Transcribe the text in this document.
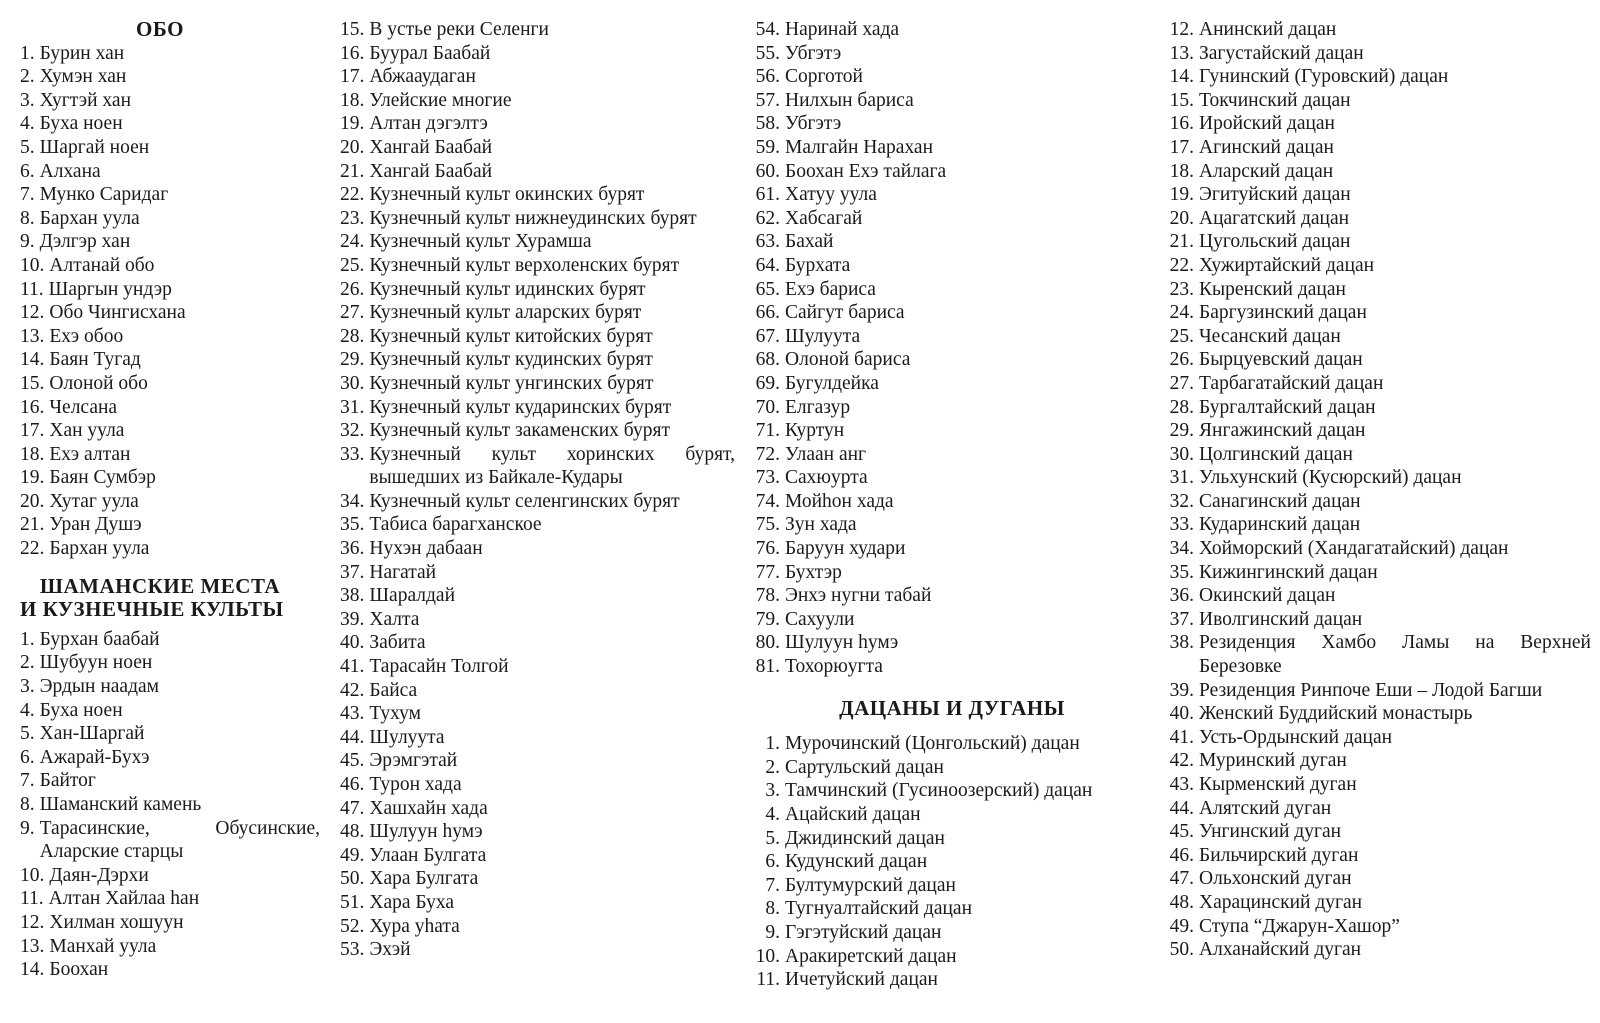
ОБО
1. Бурин хан
2. Хумэн хан
3. Хугтэй хан
4. Буха ноен
5. Шаргай ноен
6. Алхана
7. Мунко Саридаг
8. Бархан уула
9. Дэлгэр хан
10. Алтанай обо
11. Шаргын ундэр
12. Обо Чингисхана
13. Ехэ обоо
14. Баян Тугад
15. Олоной обо
16. Челсана
17. Хан уула
18. Ехэ алтан
19. Баян Сумбэр
20. Хутаг уула
21. Уран Душэ
22. Бархан уула
ШАМАНСКИЕ МЕСТА
И КУЗНЕЧНЫЕ КУЛЬТЫ
1. Бурхан баабай
2. Шубуун ноен
3. Эрдын наадам
4. Буха ноен
5. Хан-Шаргай
6. Ажарай-Бухэ
7. Байтог
8. Шаманский камень
9. Тарасинские, Обусинские, Аларские старцы
10. Даян-Дэрхи
11. Алтан Хайлаа hан
12. Хилман хошуун
13. Манхай уула
14. Боохан
15. В устье реки Селенги
16. Буурал Баабай
17. Абжааудаган
18. Улейские многие
19. Алтан дэгэлтэ
20. Хангай Баабай
21. Хангай Баабай
22. Кузнечный культ окинских бурят
23. Кузнечный культ нижнеудинских бурят
24. Кузнечный культ Хурамша
25. Кузнечный культ верхоленских бурят
26. Кузнечный культ идинских бурят
27. Кузнечный культ аларских бурят
28. Кузнечный культ китойских бурят
29. Кузнечный культ кудинских бурят
30. Кузнечный культ унгинских бурят
31. Кузнечный культ кударинских бурят
32. Кузнечный культ закаменских бурят
33. Кузнечный культ хоринских бурят, вышедших из Байкале-Кудары
34. Кузнечный культ селенгинских бурят
35. Табиса барагханское
36. Нухэн дабаан
37. Нагатай
38. Шаралдай
39. Халта
40. Забита
41. Тарасайн Толгой
42. Байса
43. Тухум
44. Шулуута
45. Эрэмгэтай
46. Турон хада
47. Хашхайн хада
48. Шулуун hумэ
49. Улаан Булгата
50. Хара Булгата
51. Хара Буха
52. Хура уhата
53. Эхэй
54. Наринай хада
55. Убгэтэ
56. Сорготой
57. Нилхын бариса
58. Убгэтэ
59. Малгайн Нарахан
60. Боохан Ехэ тайлага
61. Хатуу уула
62. Хабсагай
63. Бахай
64. Бурхата
65. Ехэ бариса
66. Сайгут бариса
67. Шулуута
68. Олоной бариса
69. Бугулдейка
70. Елгазур
71. Куртун
72. Улаан анг
73. Сахюурта
74. Мойhон хада
75. Зун хада
76. Баруун худари
77. Бухтэр
78. Энхэ нугни табай
79. Сахуули
80. Шулуун hумэ
81. Тохорюугта
ДАЦАНЫ И ДУГАНЫ
1. Мурочинский (Цонгольский) дацан
2. Сартульский дацан
3. Тамчинский (Гусиноозерский) дацан
4. Ацайский дацан
5. Джидинский дацан
6. Кудунский дацан
7. Бултумурский дацан
8. Тугнуалтайский дацан
9. Гэгэтуйский дацан
10. Аракиретский дацан
11. Ичетуйский дацан
12. Анинский дацан
13. Загустайский дацан
14. Гунинский (Гуровский) дацан
15. Токчинский дацан
16. Иройский дацан
17. Агинский дацан
18. Аларский дацан
19. Эгитуйский дацан
20. Ацагатский дацан
21. Цугольский дацан
22. Хужиртайский дацан
23. Кыренский дацан
24. Баргузинский дацан
25. Чесанский дацан
26. Бырцуевский дацан
27. Тарбагатайский дацан
28. Бургалтайский дацан
29. Янгажинский дацан
30. Цолгинский дацан
31. Ульхунский (Кусюрский) дацан
32. Санагинский дацан
33. Кударинский дацан
34. Хойморский (Хандагатайский) дацан
35. Кижингинский дацан
36. Окинский дацан
37. Иволгинский дацан
38. Резиденция Хамбо Ламы на Верхней Березовке
39. Резиденция Ринпоче Еши – Лодой Багши
40. Женский Буддийский монастырь
41. Усть-Ордынский дацан
42. Муринский дуган
43. Кырменский дуган
44. Алятский дуган
45. Унгинский дуган
46. Бильчирский дуган
47. Ольхонский дуган
48. Харацинский дуган
49. Ступа “Джарун-Хашор”
50. Алханайский дуган
